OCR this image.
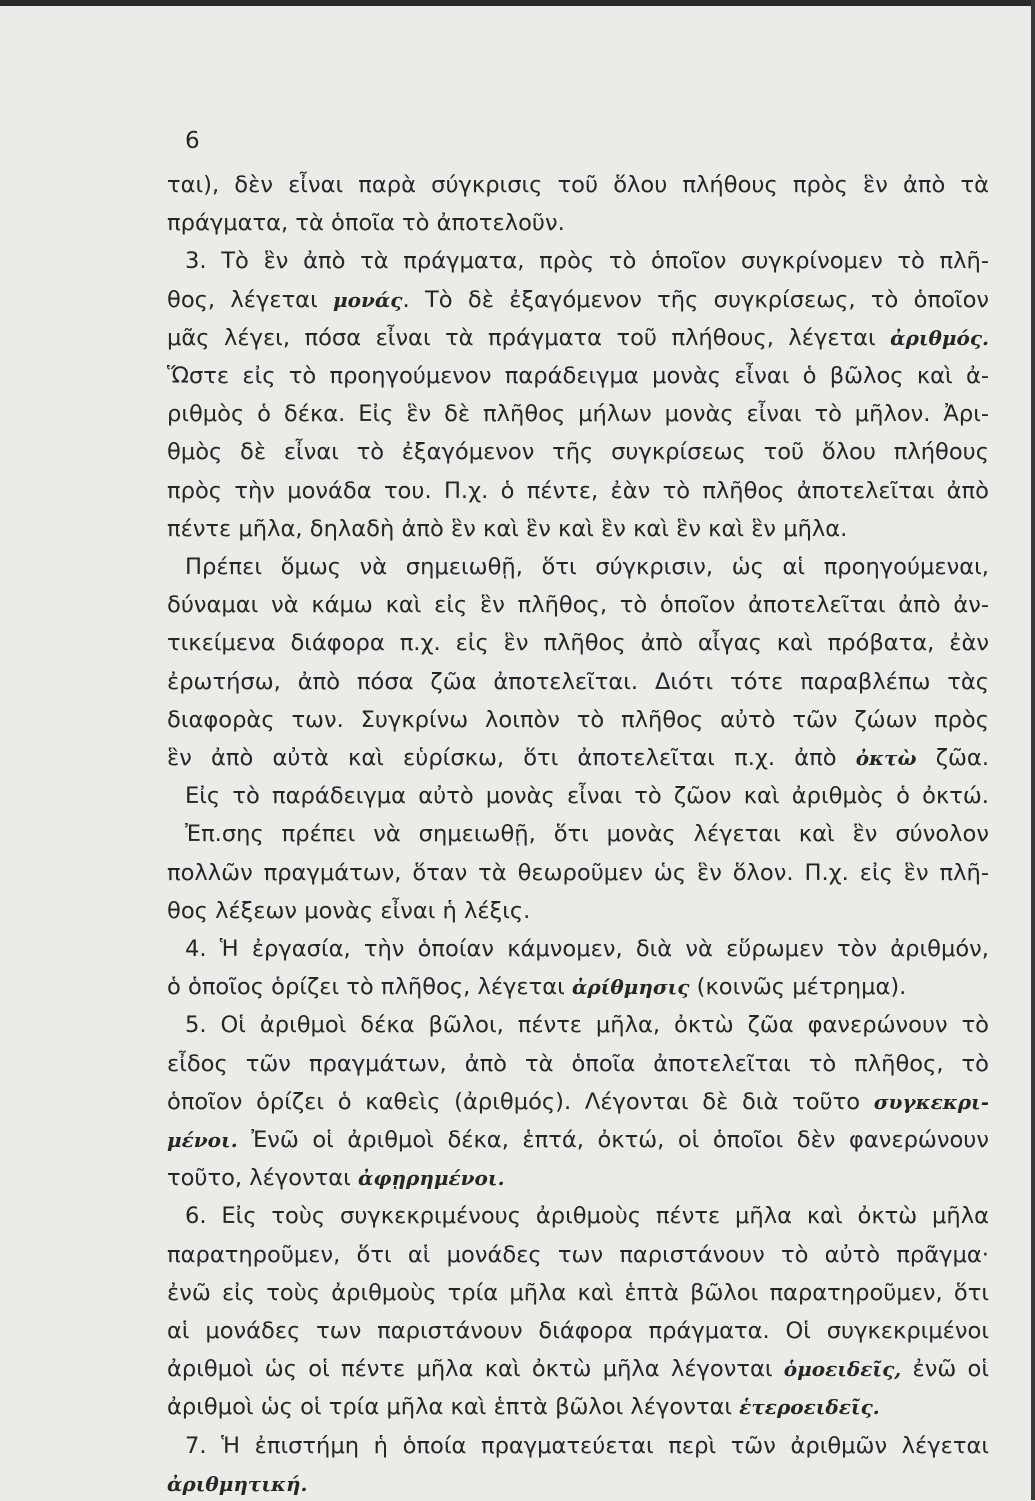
6
ται), δὲν εἶναι παρὰ σύγκρισις τοῦ ὅλου πλήθους πρὸς ἓν ἀπὸ τὰ
πράγματα, τὰ ὁποῖα τὸ ἀποτελοῦν.
3. Τὸ ἓν ἀπὸ τὰ πράγματα, πρὸς τὸ ὁποῖον συγκρίνομεν τὸ πλῆ-
θος, λέγεται μονάς. Τὸ δὲ ἐξαγόμενον τῆς συγκρίσεως, τὸ ὁποῖον
μᾶς λέγει, πόσα εἶναι τὰ πράγματα τοῦ πλήθους, λέγεται ἀριθμός.
Ὥστε εἰς τὸ προηγούμενον παράδειγμα μονὰς εἶναι ὁ βῶλος καὶ ἀ-
ριθμὸς ὁ δέκα. Εἰς ἓν δὲ πλῆθος μήλων μονὰς εἶναι τὸ μῆλον. Ἀρι-
θμὸς δὲ εἶναι τὸ ἐξαγόμενον τῆς συγκρίσεως τοῦ ὅλου πλήθους
πρὸς τὴν μονάδα του. Π.χ. ὁ πέντε, ἐὰν τὸ πλῆθος ἀποτελεῖται ἀπὸ
πέντε μῆλα, δηλαδὴ ἀπὸ ἓν καὶ ἓν καὶ ἓν καὶ ἓν καὶ ἓν μῆλα.
Πρέπει ὅμως νὰ σημειωθῇ, ὅτι σύγκρισιν, ὡς αἱ προηγούμεναι,
δύναμαι νὰ κάμω καὶ εἰς ἓν πλῆθος, τὸ ὁποῖον ἀποτελεῖται ἀπὸ ἀν-
τικείμενα διάφορα π.χ. εἰς ἓν πλῆθος ἀπὸ αἶγας καὶ πρόβατα, ἐὰν
ἐρωτήσω, ἀπὸ πόσα ζῶα ἀποτελεῖται. Διότι τότε παραβλέπω τὰς
διαφορὰς των. Συγκρίνω λοιπὸν τὸ πλῆθος αὐτὸ τῶν ζώων πρὸς
ἓν ἀπὸ αὐτὰ καὶ εὑρίσκω, ὅτι ἀποτελεῖται π.χ. ἀπὸ ὀκτὼ ζῶα.
Εἰς τὸ παράδειγμα αὐτὸ μονὰς εἶναι τὸ ζῶον καὶ ἀριθμὸς ὁ ὀκτώ.
Ἐπ.σης πρέπει νὰ σημειωθῇ, ὅτι μονὰς λέγεται καὶ ἓν σύνολον
πολλῶν πραγμάτων, ὅταν τὰ θεωροῦμεν ὡς ἓν ὅλον. Π.χ. εἰς ἓν πλῆ-
θος λέξεων μονὰς εἶναι ἡ λέξις.
4. Ἡ ἐργασία, τὴν ὁποίαν κάμνομεν, διὰ νὰ εὕρωμεν τὸν ἀριθμόν,
ὁ ὁποῖος ὁρίζει τὸ πλῆθος, λέγεται ἀρίθμησις (κοινῶς μέτρημα).
5. Οἱ ἀριθμοὶ δέκα βῶλοι, πέντε μῆλα, ὀκτὼ ζῶα φανερώνουν τὸ
εἶδος τῶν πραγμάτων, ἀπὸ τὰ ὁποῖα ἀποτελεῖται τὸ πλῆθος, τὸ
ὁποῖον ὁρίζει ὁ καθεὶς (ἀριθμός). Λέγονται δὲ διὰ τοῦτο συγκεκρι-
μένοι. Ἐνῶ οἱ ἀριθμοὶ δέκα, ἑπτά, ὀκτώ, οἱ ὁποῖοι δὲν φανερώνουν
τοῦτο, λέγονται ἀφῃρημένοι.
6. Εἰς τοὺς συγκεκριμένους ἀριθμοὺς πέντε μῆλα καὶ ὀκτὼ μῆλα
παρατηροῦμεν, ὅτι αἱ μονάδες των παριστάνουν τὸ αὐτὸ πρᾶγμα·
ἐνῶ εἰς τοὺς ἀριθμοὺς τρία μῆλα καὶ ἑπτὰ βῶλοι παρατηροῦμεν, ὅτι
αἱ μονάδες των παριστάνουν διάφορα πράγματα. Οἱ συγκεκριμένοι
ἀριθμοὶ ὡς οἱ πέντε μῆλα καὶ ὀκτὼ μῆλα λέγονται ὁμοειδεῖς, ἐνῶ οἱ
ἀριθμοὶ ὡς οἱ τρία μῆλα καὶ ἑπτὰ βῶλοι λέγονται ἑτεροειδεῖς.
7. Ἡ ἐπιστήμη ἡ ὁποία πραγματεύεται περὶ τῶν ἀριθμῶν λέγεται
ἀριθμητική.
